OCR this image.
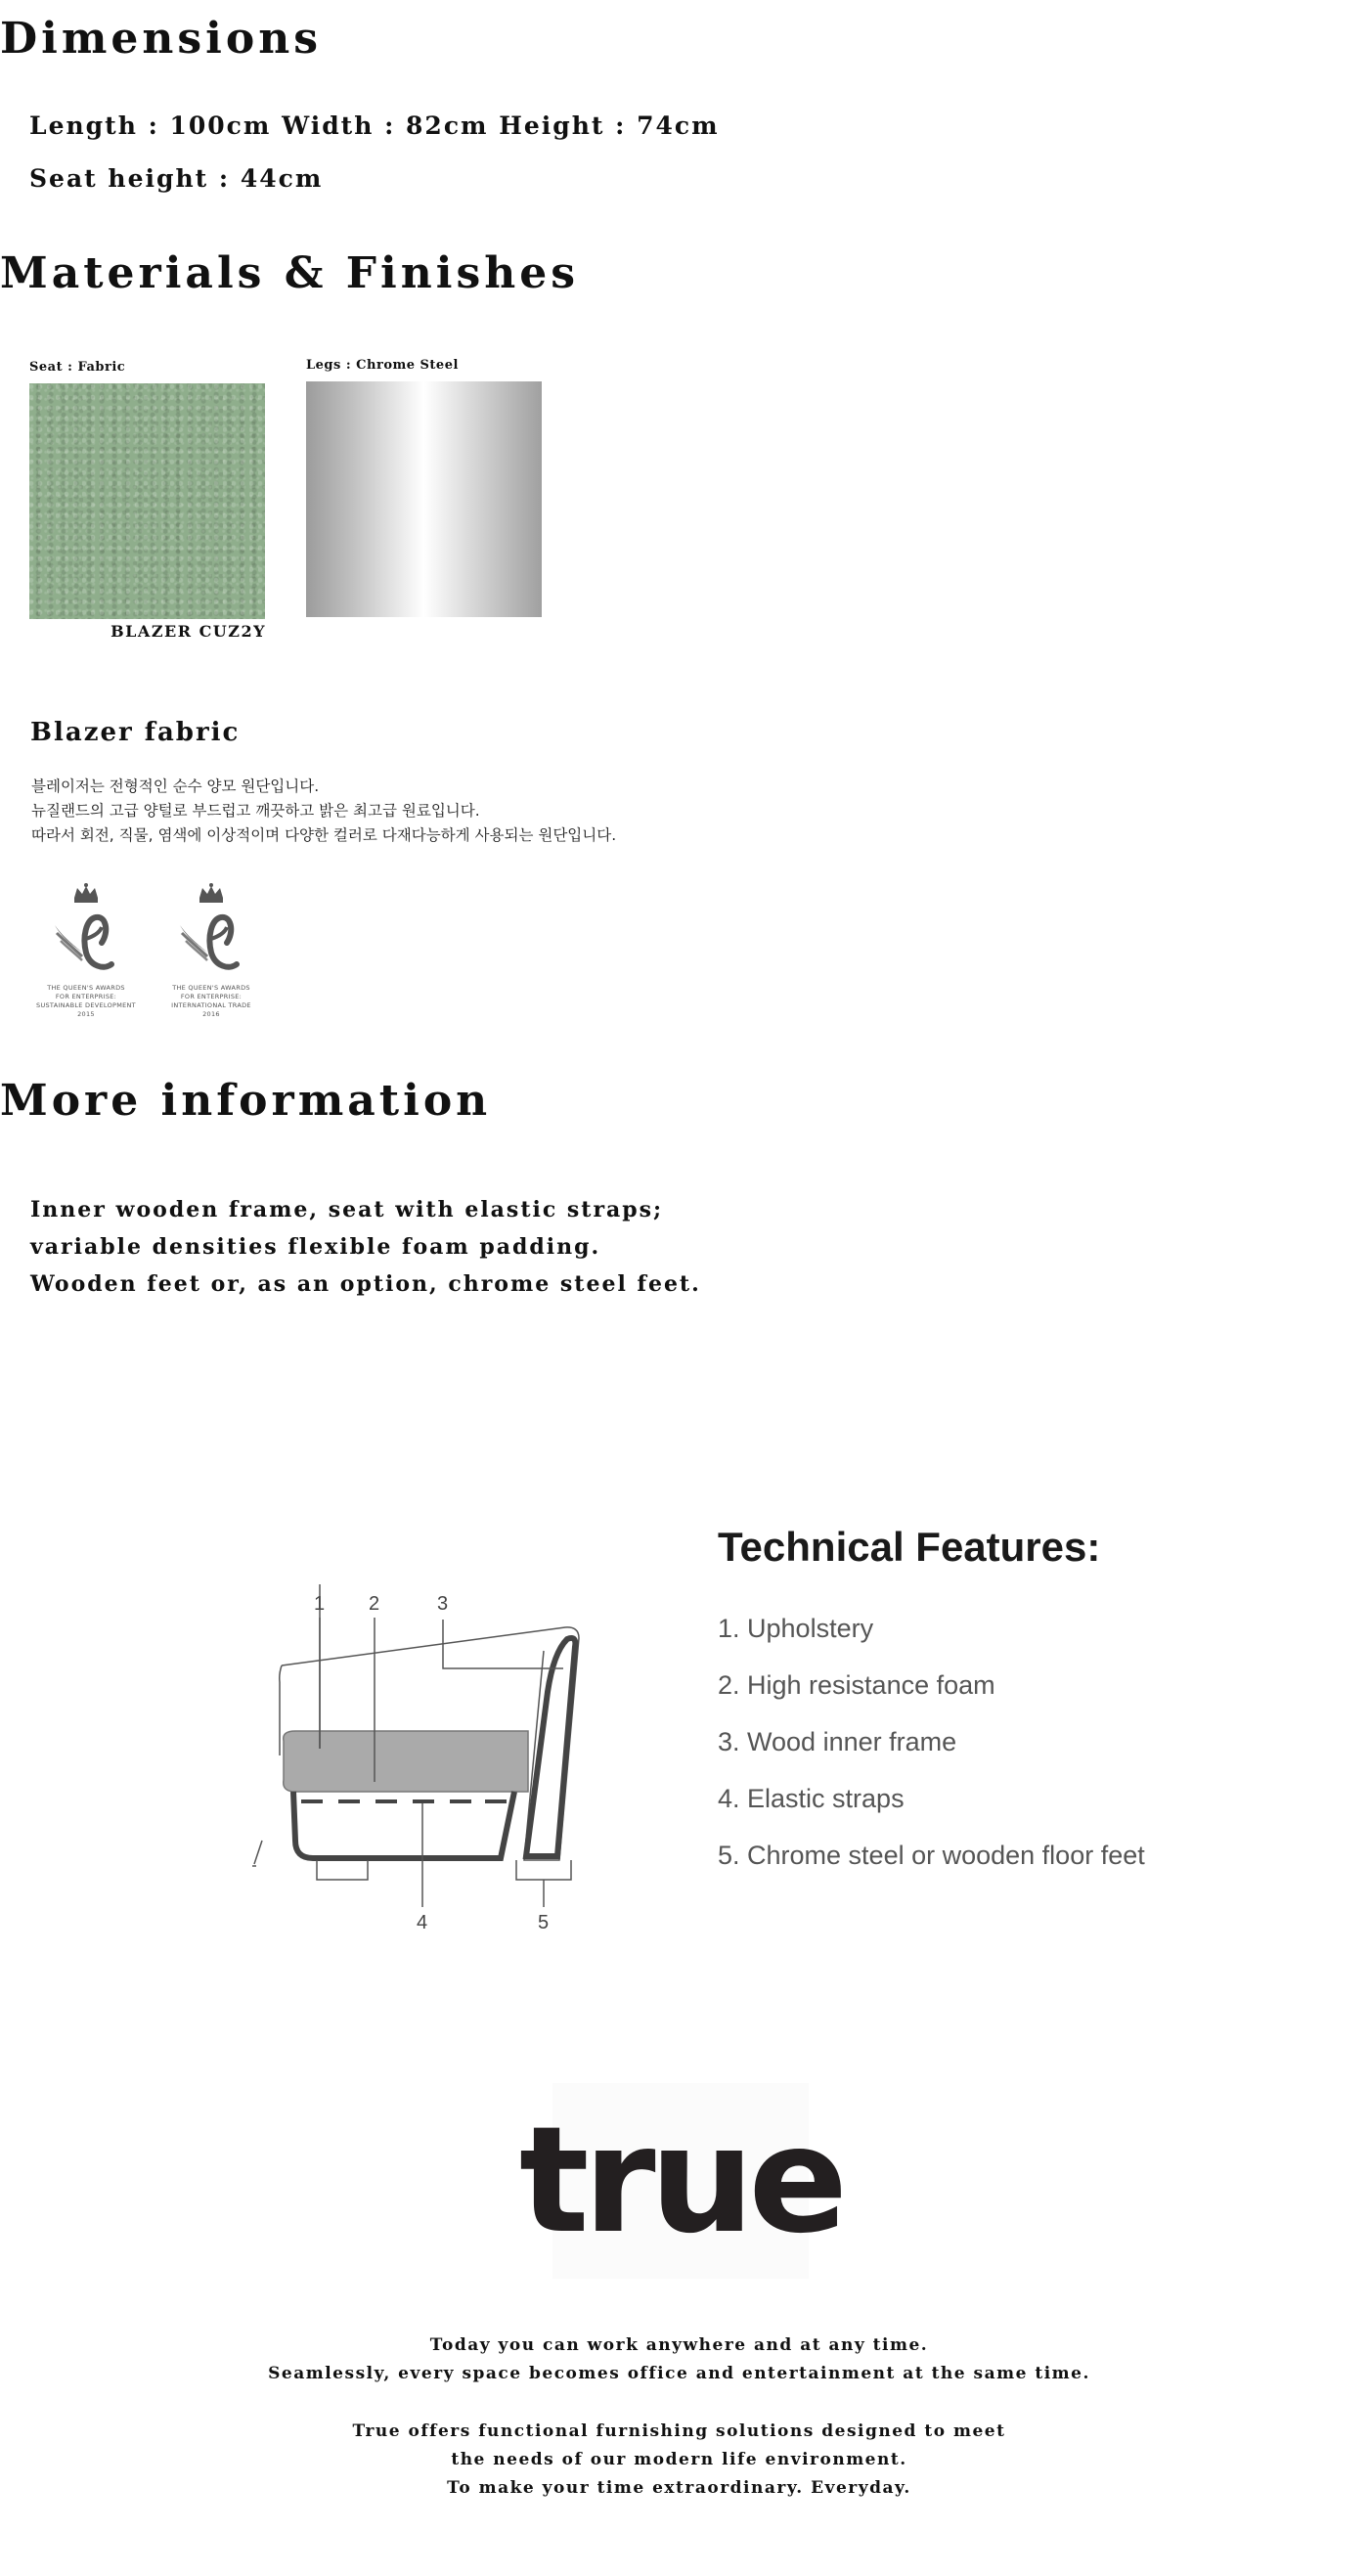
Dimensions
Length : 100cm Width : 82cm Height : 74cm
Seat height : 44cm
Materials & Finishes
Seat : Fabric
BLAZER CUZ2Y
Legs : Chrome Steel
Blazer fabric
블레이저는 전형적인 순수 양모 원단입니다.
뉴질랜드의 고급 양털로 부드럽고 깨끗하고 밝은 최고급 원료입니다.
따라서 회전, 직물, 염색에 이상적이며 다양한 컬러로 다재다능하게 사용되는 원단입니다.
THE QUEEN'S AWARDS
FOR ENTERPRISE:
SUSTAINABLE DEVELOPMENT
2015
THE QUEEN'S AWARDS
FOR ENTERPRISE:
INTERNATIONAL TRADE
2016
More information
Inner wooden frame, seat with elastic straps;
variable densities flexible foam padding.
Wooden feet or, as an option, chrome steel feet.
1 2	3
4	5
Technical Features:
1. Upholstery
2. High resistance foam
3. Wood inner frame
4. Elastic straps
5. Chrome steel or wooden floor feet
true
Today you can work anywhere and at any time.
Seamlessly, every space becomes office and entertainment at the same time.
True offers functional furnishing solutions designed to meet
the needs of our modern life environment.
To make your time extraordinary. Everyday.
